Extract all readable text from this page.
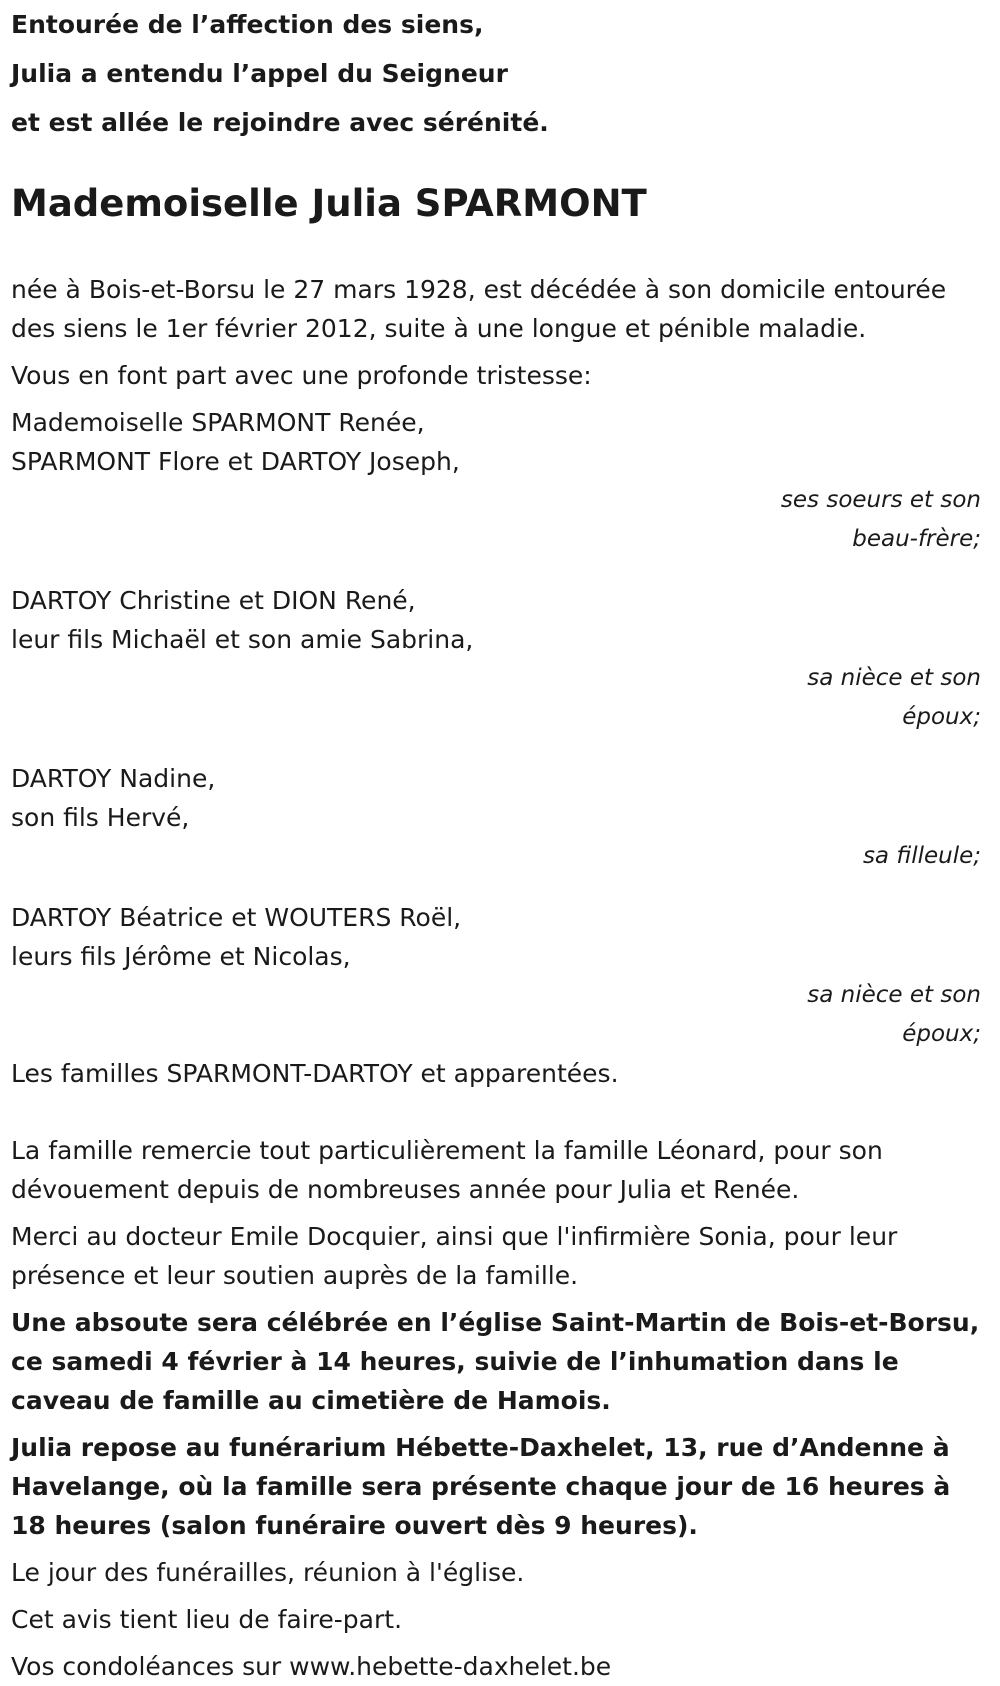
Entourée de l’affection des siens,

Julia a entendu l’appel du Seigneur

et est allée le rejoindre avec sérénité.

Mademoiselle Julia SPARMONT

née à Bois-et-Borsu le 27 mars 1928, est décédée à son domicile entourée des siens le 1er février 2012, suite à une longue et pénible maladie.

Vous en font part avec une profonde tristesse:

Mademoiselle SPARMONT Renée,

SPARMONT Flore et DARTOY Joseph,

ses soeurs et son
beau-frère;

DARTOY Christine et DION René,

leur fils Michaël et son amie Sabrina,

sa nièce et son
époux;

DARTOY Nadine,

son fils Hervé,

sa filleule;

DARTOY Béatrice et WOUTERS Roël,

leurs fils Jérôme et Nicolas,

sa nièce et son
époux;

Les familles SPARMONT-DARTOY et apparentées.

La famille remercie tout particulièrement la famille Léonard, pour son dévouement depuis de nombreuses année pour Julia et Renée.

Merci au docteur Emile Docquier, ainsi que l'infirmière Sonia, pour leur présence et leur soutien auprès de la famille.

Une absoute sera célébrée en l’église Saint-Martin de Bois-et-Borsu, ce samedi 4 février à 14 heures, suivie de l’inhumation dans le caveau de famille au cimetière de Hamois.

Julia repose au funérarium Hébette-Daxhelet, 13, rue d’Andenne à Havelange, où la famille sera présente chaque jour de 16 heures à 18 heures (salon funéraire ouvert dès 9 heures).

Le jour des funérailles, réunion à l'église.

Cet avis tient lieu de faire-part.

Vos condoléances sur www.hebette-daxhelet.be
